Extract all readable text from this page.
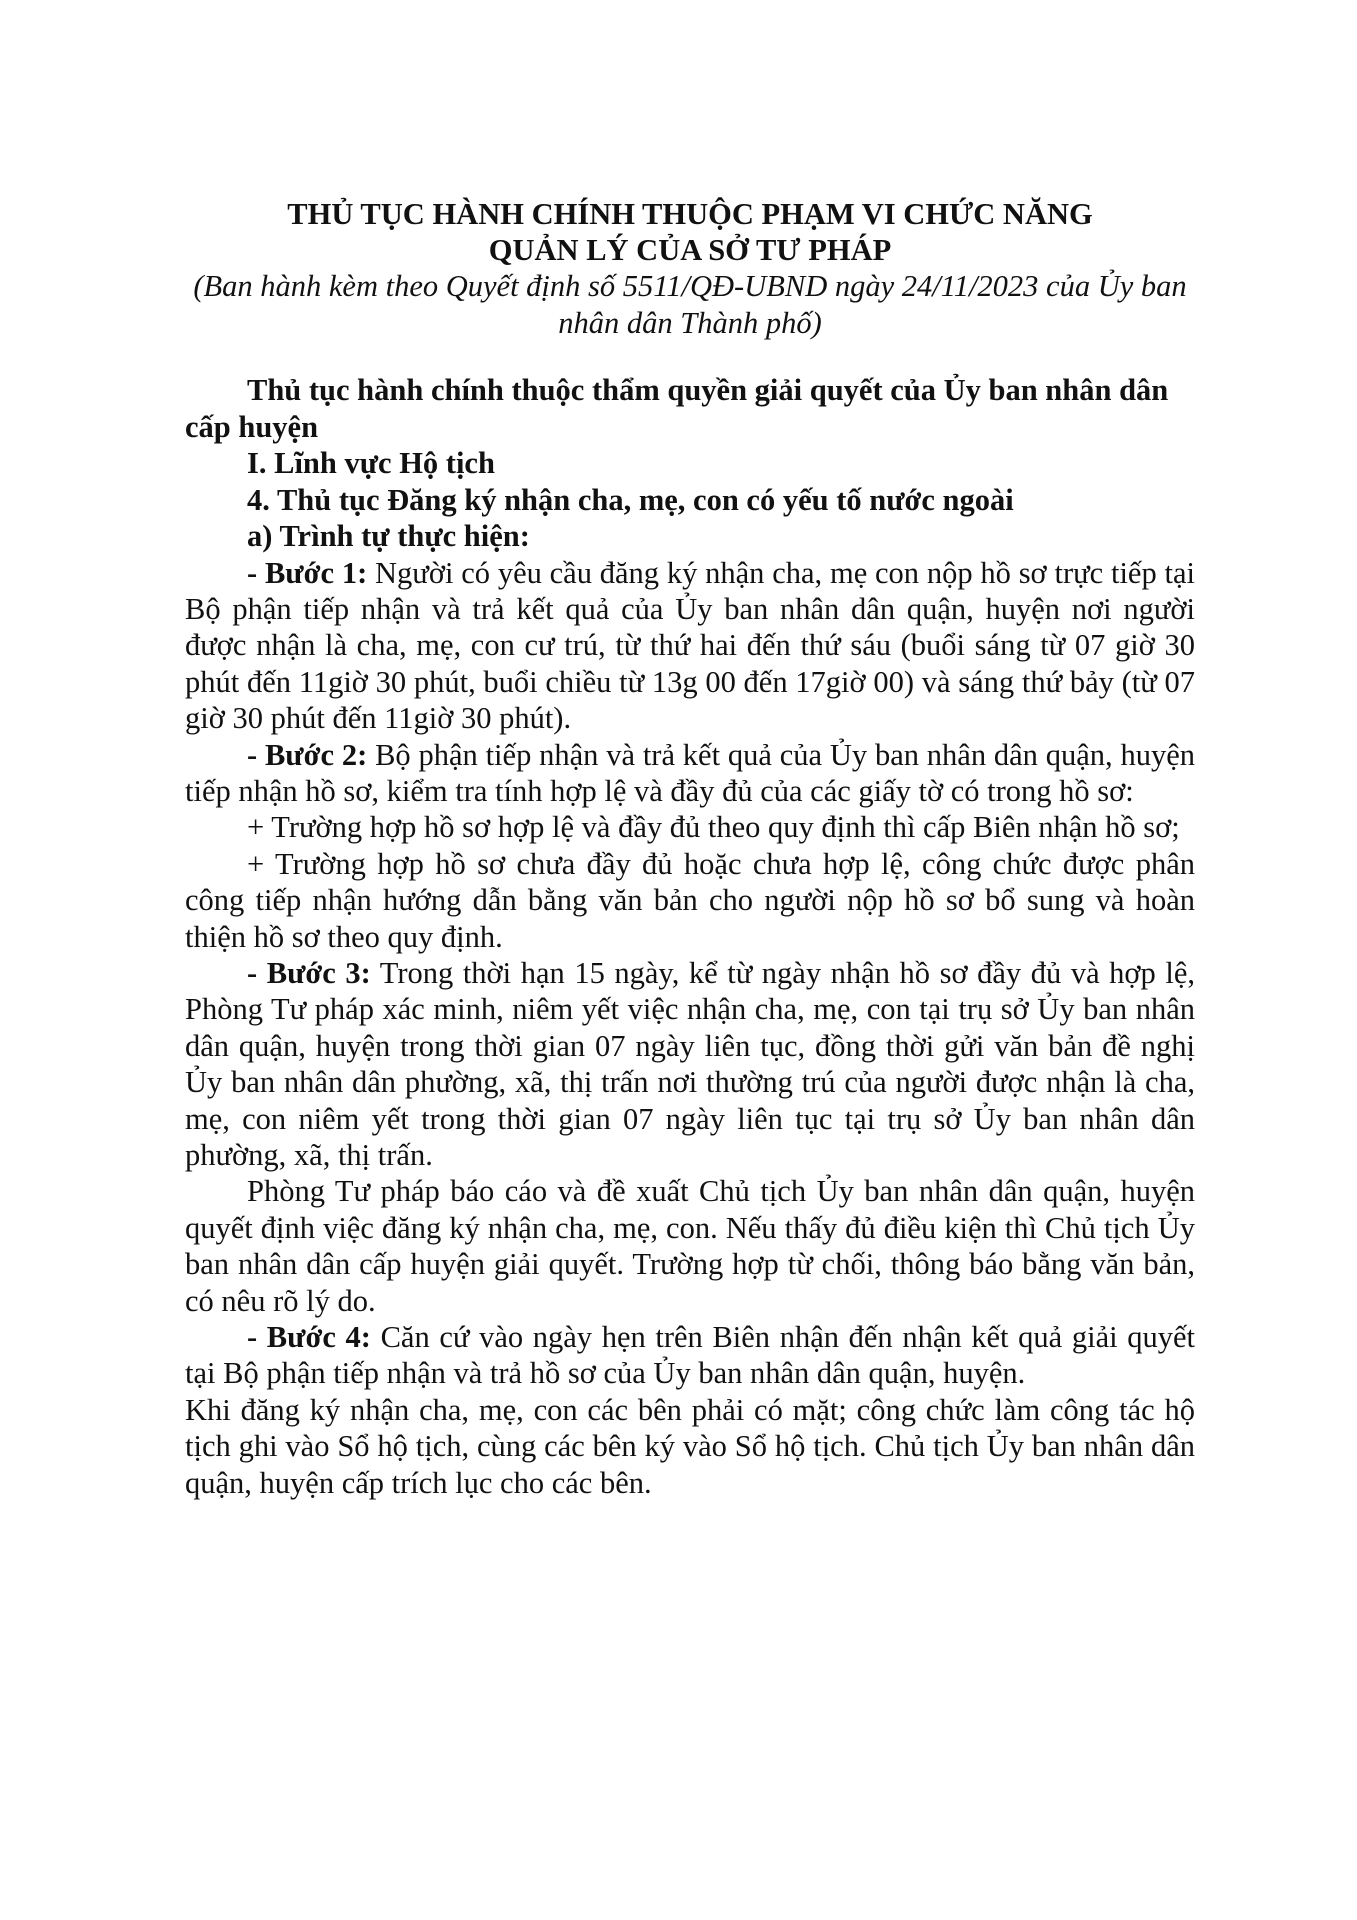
THỦ TỤC HÀNH CHÍNH THUỘC PHẠM VI CHỨC NĂNG

QUẢN LÝ CỦA SỞ TƯ PHÁP

(Ban hành kèm theo Quyết định số 5511/QĐ-UBND ngày 24/11/2023 của Ủy ban nhân dân Thành phố)

Thủ tục hành chính thuộc thẩm quyền giải quyết của Ủy ban nhân dân cấp huyện

I. Lĩnh vực Hộ tịch

4. Thủ tục Đăng ký nhận cha, mẹ, con có yếu tố nước ngoài

a) Trình tự thực hiện:

- Bước 1: Người có yêu cầu đăng ký nhận cha, mẹ con nộp hồ sơ trực tiếp tại Bộ phận tiếp nhận và trả kết quả của Ủy ban nhân dân quận, huyện nơi người được nhận là cha, mẹ, con cư trú, từ thứ hai đến thứ sáu (buổi sáng từ 07 giờ 30 phút đến 11giờ 30 phút, buổi chiều từ 13g 00 đến 17giờ 00) và sáng thứ bảy (từ 07 giờ 30 phút đến 11giờ 30 phút).

- Bước 2: Bộ phận tiếp nhận và trả kết quả của Ủy ban nhân dân quận, huyện tiếp nhận hồ sơ, kiểm tra tính hợp lệ và đầy đủ của các giấy tờ có trong hồ sơ:

+ Trường hợp hồ sơ hợp lệ và đầy đủ theo quy định thì cấp Biên nhận hồ sơ;

+ Trường hợp hồ sơ chưa đầy đủ hoặc chưa hợp lệ, công chức được phân công tiếp nhận hướng dẫn bằng văn bản cho người nộp hồ sơ bổ sung và hoàn thiện hồ sơ theo quy định.

- Bước 3: Trong thời hạn 15 ngày, kể từ ngày nhận hồ sơ đầy đủ và hợp lệ, Phòng Tư pháp xác minh, niêm yết việc nhận cha, mẹ, con tại trụ sở Ủy ban nhân dân quận, huyện trong thời gian 07 ngày liên tục, đồng thời gửi văn bản đề nghị Ủy ban nhân dân phường, xã, thị trấn nơi thường trú của người được nhận là cha, mẹ, con niêm yết trong thời gian 07 ngày liên tục tại trụ sở Ủy ban nhân dân phường, xã, thị trấn.

Phòng Tư pháp báo cáo và đề xuất Chủ tịch Ủy ban nhân dân quận, huyện quyết định việc đăng ký nhận cha, mẹ, con. Nếu thấy đủ điều kiện thì Chủ tịch Ủy ban nhân dân cấp huyện giải quyết. Trường hợp từ chối, thông báo bằng văn bản, có nêu rõ lý do.

- Bước 4: Căn cứ vào ngày hẹn trên Biên nhận đến nhận kết quả giải quyết tại Bộ phận tiếp nhận và trả hồ sơ của Ủy ban nhân dân quận, huyện.

Khi đăng ký nhận cha, mẹ, con các bên phải có mặt; công chức làm công tác hộ tịch ghi vào Sổ hộ tịch, cùng các bên ký vào Sổ hộ tịch. Chủ tịch Ủy ban nhân dân quận, huyện cấp trích lục cho các bên.
